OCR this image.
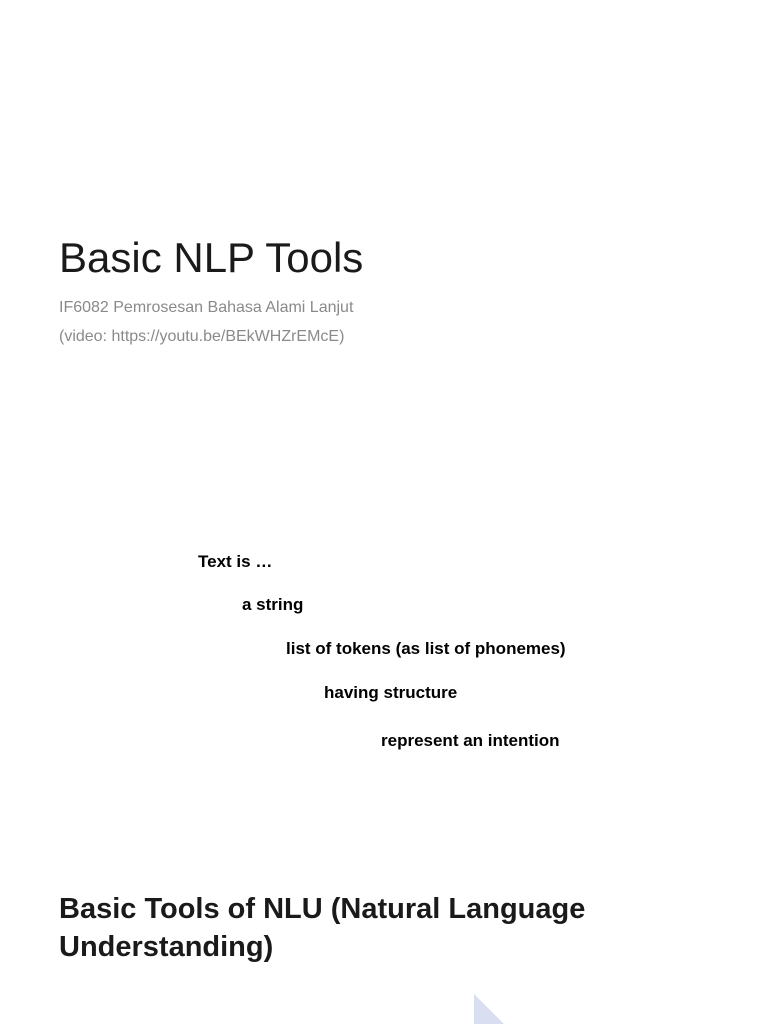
Basic NLP Tools

IF6082 Pemrosesan Bahasa Alami Lanjut

(video: https://youtu.be/BEkWHZrEMcE)

Text is …
a string
list of tokens (as list of phonemes)
having structure
represent an intention
Basic Tools of NLU (Natural Language Understanding)
